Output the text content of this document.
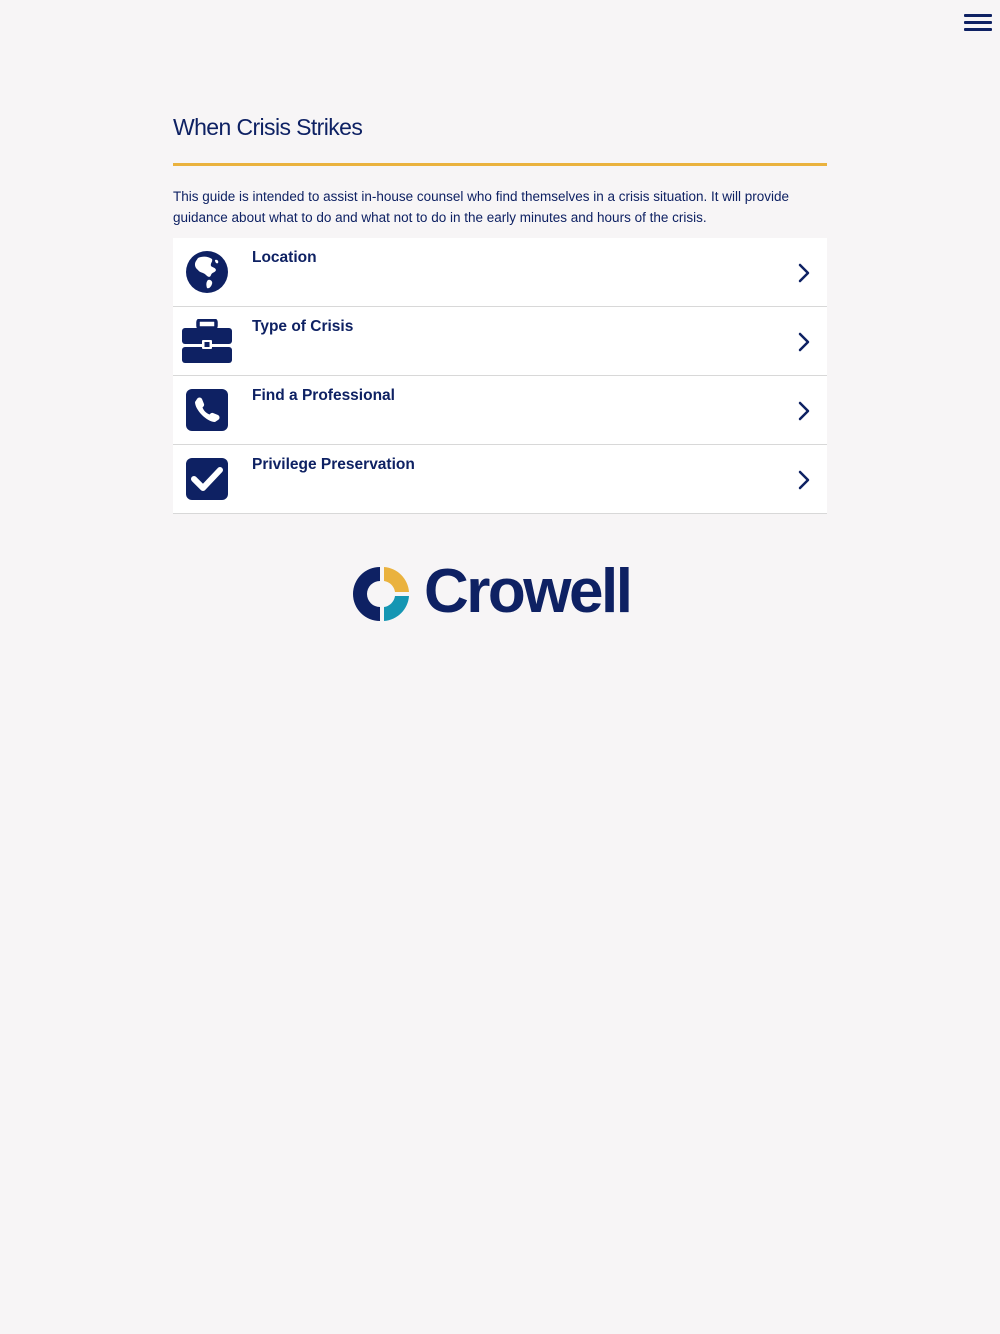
When Crisis Strikes

This guide is intended to assist in-house counsel who find themselves in a crisis situation. It will provide guidance about what to do and what not to do in the early minutes and hours of the crisis.

Location
Type of Crisis
Find a Professional
Privilege Preservation
Crowell
